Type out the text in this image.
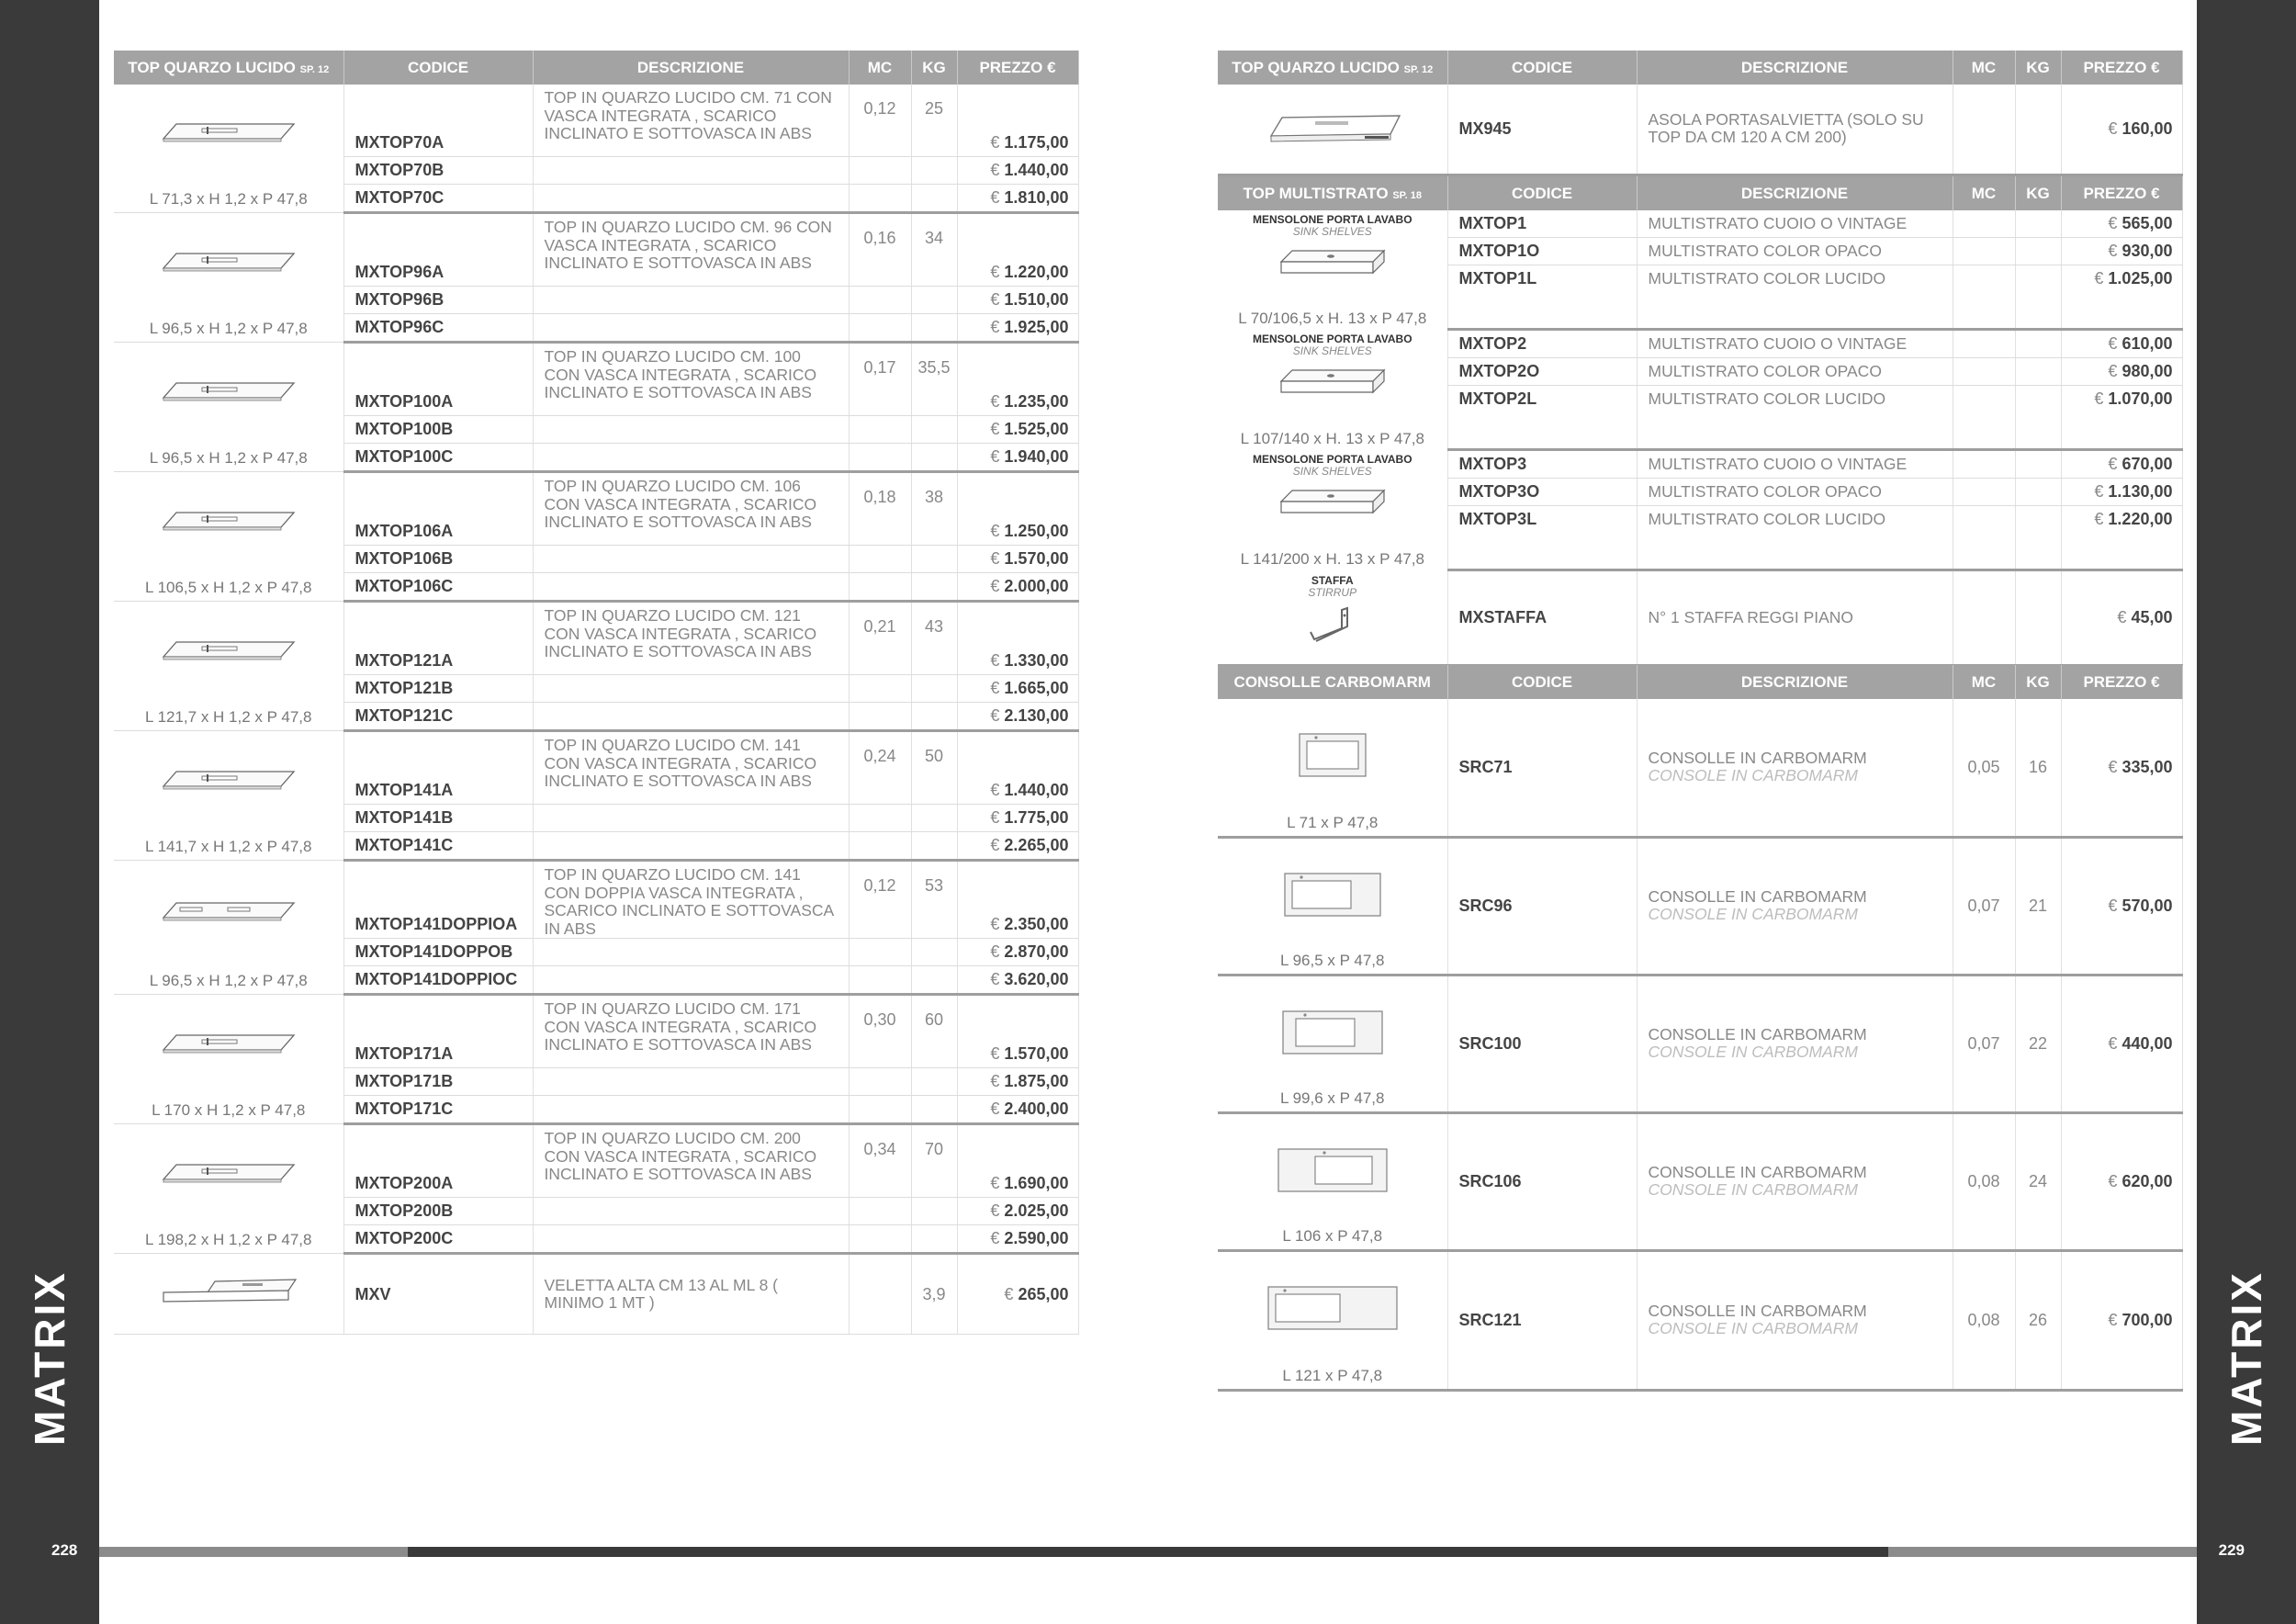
MATRIX	MATRIX
228	229
TOP QUARZO LUCIDO SP. 12	CODICE	DESCRIZIONE	MC	KG	PREZZO €

L 71,3 x H 1,2 x P 47,8	MXTOP70A	TOP IN QUARZO LUCIDO CM. 71 CON VASCA INTEGRATA , SCARICO INCLINATO E SOTTOVASCA IN ABS	0,12	25	€ 1.175,00

	MXTOP70B				€ 1.440,00

	MXTOP70C				€ 1.810,00

L 96,5 x H 1,2 x P 47,8	MXTOP96A	TOP IN QUARZO LUCIDO CM. 96 CON VASCA INTEGRATA , SCARICO INCLINATO E SOTTOVASCA IN ABS	0,16	34	€ 1.220,00

	MXTOP96B				€ 1.510,00

	MXTOP96C				€ 1.925,00

L 96,5 x H 1,2 x P 47,8	MXTOP100A	TOP IN QUARZO LUCIDO CM. 100 CON VASCA INTEGRATA , SCARICO INCLINATO E SOTTOVASCA IN ABS	0,17	35,5	€ 1.235,00

	MXTOP100B				€ 1.525,00

	MXTOP100C				€ 1.940,00

L 106,5 x H 1,2 x P 47,8	MXTOP106A	TOP IN QUARZO LUCIDO CM. 106 CON VASCA INTEGRATA , SCARICO INCLINATO E SOTTOVASCA IN ABS	0,18	38	€ 1.250,00

	MXTOP106B				€ 1.570,00

	MXTOP106C				€ 2.000,00

L 121,7 x H 1,2 x P 47,8	MXTOP121A	TOP IN QUARZO LUCIDO CM. 121 CON VASCA INTEGRATA , SCARICO INCLINATO E SOTTOVASCA IN ABS	0,21	43	€ 1.330,00

	MXTOP121B				€ 1.665,00

	MXTOP121C				€ 2.130,00

L 141,7 x H 1,2 x P 47,8	MXTOP141A	TOP IN QUARZO LUCIDO CM. 141 CON VASCA INTEGRATA , SCARICO INCLINATO E SOTTOVASCA IN ABS	0,24	50	€ 1.440,00

	MXTOP141B				€ 1.775,00

	MXTOP141C				€ 2.265,00

L 96,5 x H 1,2 x P 47,8	MXTOP141DOPPIOA	TOP IN QUARZO LUCIDO CM. 141 CON DOPPIA VASCA INTEGRATA , SCARICO INCLINATO E SOTTOVASCA IN ABS	0,12	53	€ 2.350,00

	MXTOP141DOPPOB				€ 2.870,00

	MXTOP141DOPPIOC				€ 3.620,00

L 170 x H 1,2 x P 47,8	MXTOP171A	TOP IN QUARZO LUCIDO CM. 171 CON VASCA INTEGRATA , SCARICO INCLINATO E SOTTOVASCA IN ABS	0,30	60	€ 1.570,00

	MXTOP171B				€ 1.875,00

	MXTOP171C				€ 2.400,00

L 198,2 x H 1,2 x P 47,8	MXTOP200A	TOP IN QUARZO LUCIDO CM. 200 CON VASCA INTEGRATA , SCARICO INCLINATO E SOTTOVASCA IN ABS	0,34	70	€ 1.690,00

	MXTOP200B				€ 2.025,00

	MXTOP200C				€ 2.590,00

MXV	VELETTA ALTA CM 13 AL ML 8 ( MINIMO 1 MT )		3,9	€ 265,00
TOP QUARZO LUCIDO SP. 12	CODICE	DESCRIZIONE	MC	KG	PREZZO €

MX945	ASOLA PORTASALVIETTA (SOLO SU TOP DA CM 120 A CM 200)			€ 160,00
TOP MULTISTRATO SP. 18	CODICE	DESCRIZIONE	MC	KG	PREZZO €

MENSOLONE PORTA LAVABO
SINK SHELVES
L 70/106,5 x H. 13 x P 47,8	MXTOP1	MULTISTRATO CUOIO O VINTAGE			€ 565,00

	MXTOP1O	MULTISTRATO COLOR OPACO			€ 930,00

	MXTOP1L	MULTISTRATO COLOR LUCIDO			€ 1.025,00

MENSOLONE PORTA LAVABO
SINK SHELVES
L 107/140 x H. 13 x P 47,8	MXTOP2	MULTISTRATO CUOIO O VINTAGE			€ 610,00

	MXTOP2O	MULTISTRATO COLOR OPACO			€ 980,00

	MXTOP2L	MULTISTRATO COLOR LUCIDO			€ 1.070,00

MENSOLONE PORTA LAVABO
SINK SHELVES
L 141/200 x H. 13 x P 47,8	MXTOP3	MULTISTRATO CUOIO O VINTAGE			€ 670,00

	MXTOP3O	MULTISTRATO COLOR OPACO			€ 1.130,00

	MXTOP3L	MULTISTRATO COLOR LUCIDO			€ 1.220,00

STAFFA
STIRRUP	MXSTAFFA	N° 1 STAFFA REGGI PIANO			€ 45,00
CONSOLLE CARBOMARM	CODICE	DESCRIZIONE	MC	KG	PREZZO €

L 71 x P 47,8	SRC71	CONSOLLE IN CARBOMARM
CONSOLE IN CARBOMARM	0,05	16	€ 335,00

L 96,5 x P 47,8	SRC96	CONSOLLE IN CARBOMARM
CONSOLE IN CARBOMARM	0,07	21	€ 570,00

L 99,6 x P 47,8	SRC100	CONSOLLE IN CARBOMARM
CONSOLE IN CARBOMARM	0,07	22	€ 440,00

L 106 x P 47,8	SRC106	CONSOLLE IN CARBOMARM
CONSOLE IN CARBOMARM	0,08	24	€ 620,00

L 121 x P 47,8	SRC121	CONSOLLE IN CARBOMARM
CONSOLE IN CARBOMARM	0,08	26	€ 700,00
